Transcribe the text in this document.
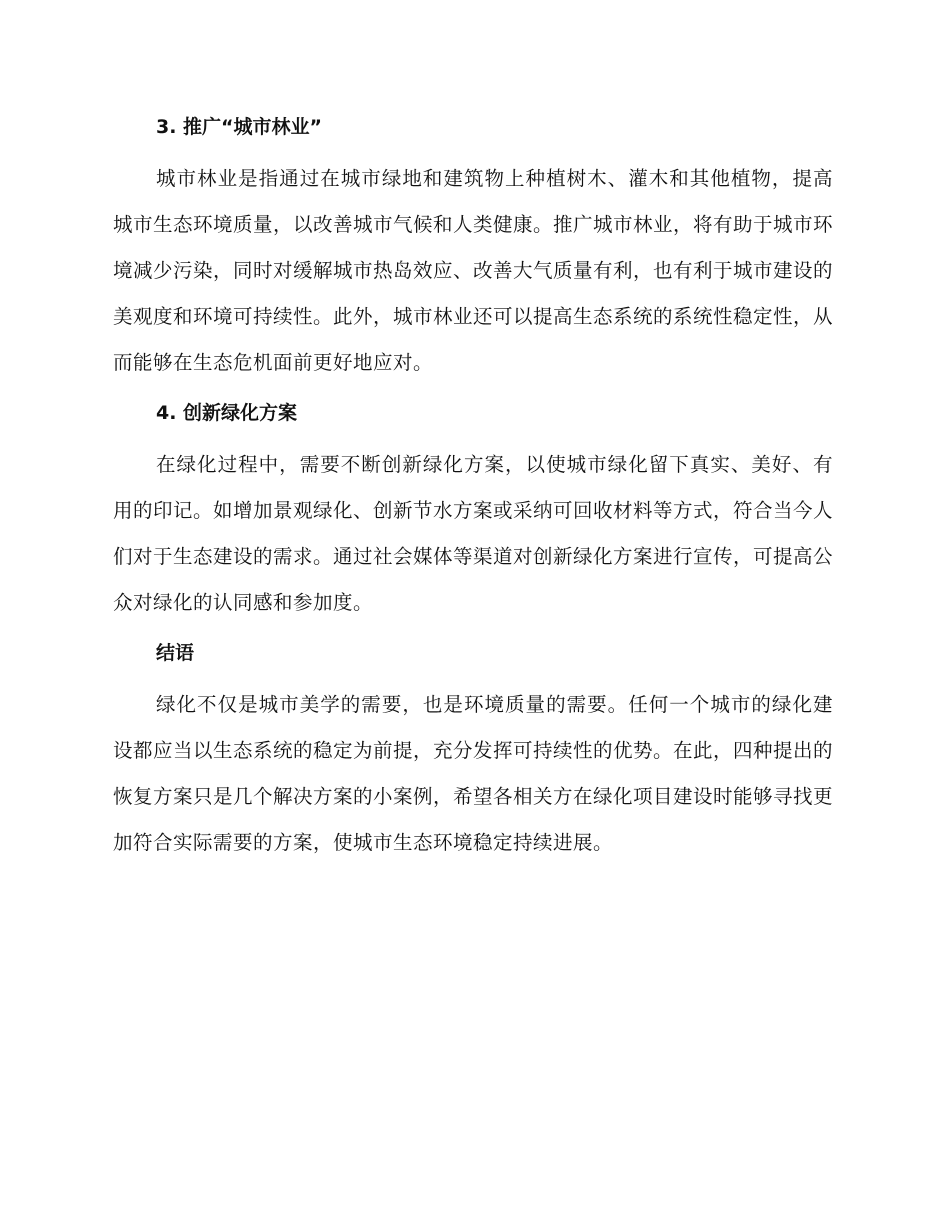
3. 推广“城市林业”

城市林业是指通过在城市绿地和建筑物上种植树木、灌木和其他植物，提高城市生态环境质量，以改善城市气候和人类健康。推广城市林业，将有助于城市环境减少污染，同时对缓解城市热岛效应、改善大气质量有利，也有利于城市建设的美观度和环境可持续性。此外，城市林业还可以提高生态系统的系统性稳定性，从而能够在生态危机面前更好地应对。

4. 创新绿化方案

在绿化过程中，需要不断创新绿化方案，以使城市绿化留下真实、美好、有用的印记。如增加景观绿化、创新节水方案或采纳可回收材料等方式，符合当今人们对于生态建设的需求。通过社会媒体等渠道对创新绿化方案进行宣传，可提高公众对绿化的认同感和参加度。

结语

绿化不仅是城市美学的需要，也是环境质量的需要。任何一个城市的绿化建设都应当以生态系统的稳定为前提，充分发挥可持续性的优势。在此，四种提出的恢复方案只是几个解决方案的小案例，希望各相关方在绿化项目建设时能够寻找更加符合实际需要的方案，使城市生态环境稳定持续进展。
